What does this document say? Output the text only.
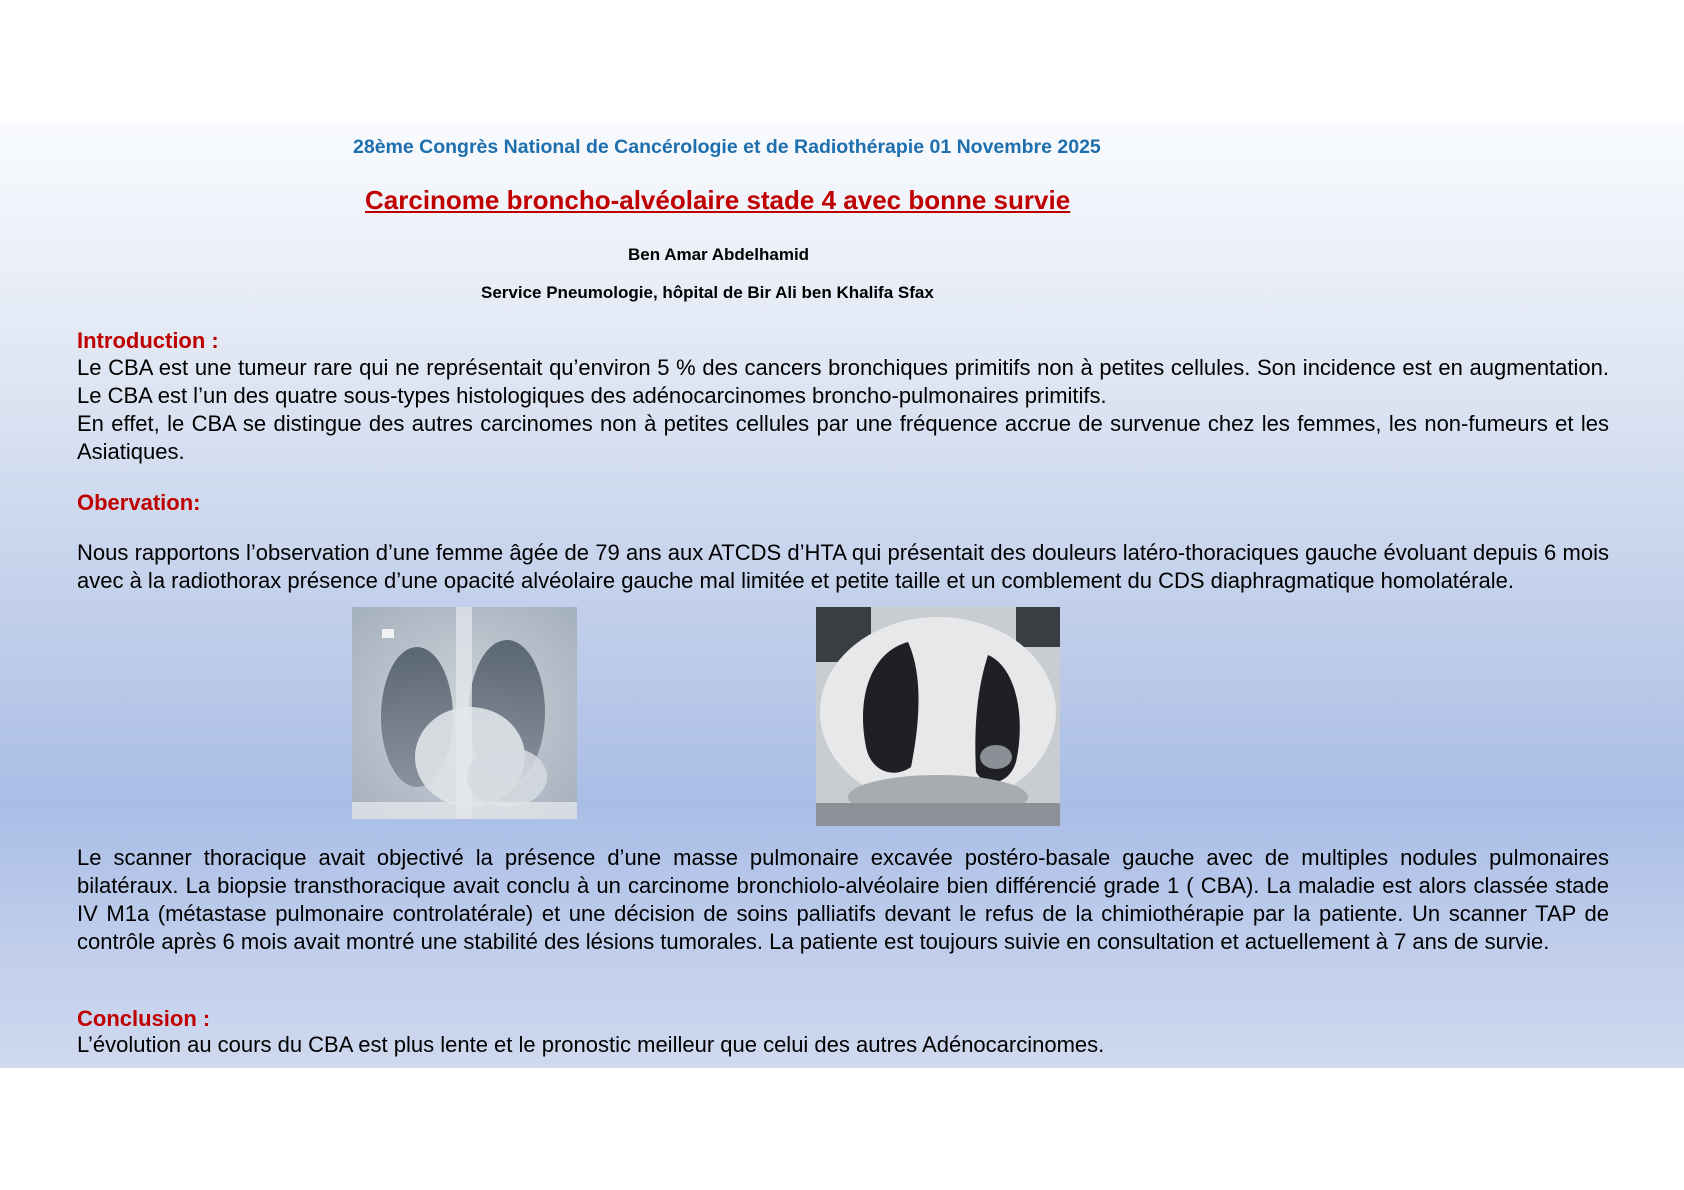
28ème Congrès National de Cancérologie et de Radiothérapie 01 Novembre 2025
Carcinome broncho-alvéolaire stade 4 avec bonne survie
Ben Amar Abdelhamid
Service Pneumologie, hôpital de Bir Ali ben Khalifa Sfax
Introduction :

Le CBA est une tumeur rare qui ne représentait qu’environ 5 % des cancers bronchiques primitifs non à petites cellules. Son incidence est en augmentation. Le CBA est l’un des quatre sous-types histologiques des adénocarcinomes broncho-pulmonaires primitifs.

En effet, le CBA se distingue des autres carcinomes non à petites cellules par une fréquence accrue de survenue chez les femmes, les non-fumeurs et les Asiatiques.

Obervation:

Nous rapportons l’observation d’une femme âgée de 79 ans aux ATCDS d’HTA qui présentait des douleurs latéro-thoraciques gauche évoluant depuis 6 mois avec à la radiothorax présence d’une opacité alvéolaire gauche mal limitée et petite taille et un comblement du CDS diaphragmatique homolatérale.

Le scanner thoracique avait objectivé la présence d’une masse pulmonaire excavée postéro-basale gauche avec de multiples nodules pulmonaires bilatéraux. La biopsie transthoracique avait conclu à un carcinome bronchiolo-alvéolaire bien différencié grade 1 ( CBA). La maladie est alors classée stade IV M1a (métastase pulmonaire controlatérale) et une décision de soins palliatifs devant le refus de la chimiothérapie par la patiente. Un scanner TAP de contrôle après 6 mois avait montré une stabilité des lésions tumorales. La patiente est toujours suivie en consultation et actuellement à 7 ans de survie.

Conclusion :

L’évolution au cours du CBA est plus lente et le pronostic meilleur que celui des autres Adénocarcinomes.
